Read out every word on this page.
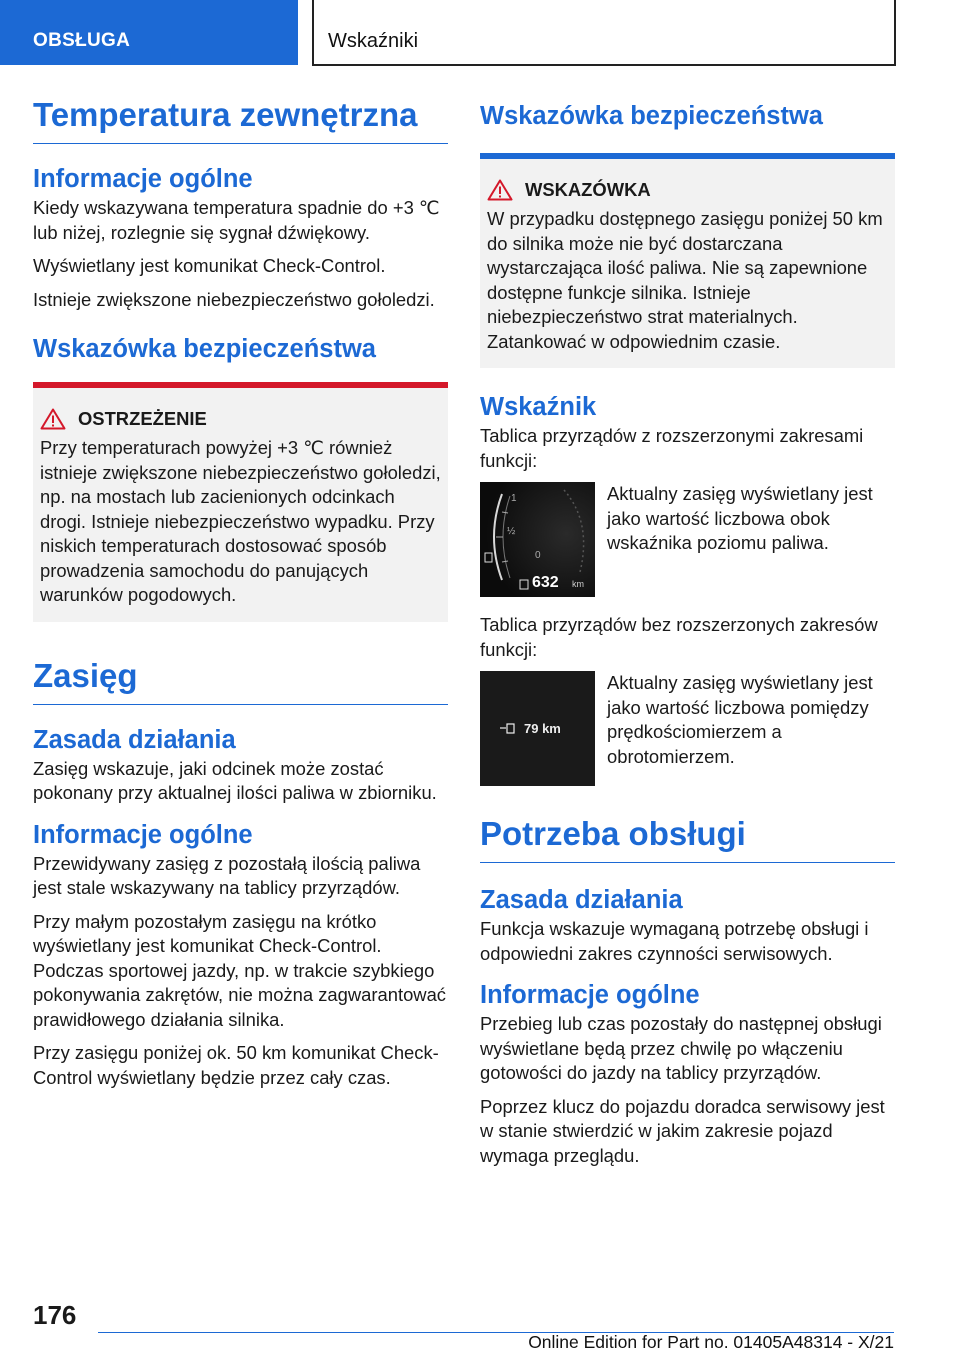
OBSŁUGA	Wskaźniki
Temperatura zewnętrzna
Informacje ogólne

Kiedy wskazywana temperatura spadnie do +3 ℃ lub niżej, rozlegnie się sygnał dźwiękowy.

Wyświetlany jest komunikat Check-Control.

Istnieje zwiększone niebezpieczeństwo gołoledzi.

Wskazówka bezpieczeństwa
OSTRZEŻENIE

Przy temperaturach powyżej +3 ℃ również istnieje zwiększone niebezpieczeństwo gołoledzi, np. na mostach lub zacienionych odcinkach drogi. Istnieje niebezpieczeństwo wypadku. Przy niskich temperaturach dostosować sposób prowadzenia samochodu do panujących warunków pogodowych.

Zasięg
Zasada działania

Zasięg wskazuje, jaki odcinek może zostać pokonany przy aktualnej ilości paliwa w zbiorniku.

Informacje ogólne

Przewidywany zasięg z pozostałą ilością paliwa jest stale wskazywany na tablicy przyrządów.

Przy małym pozostałym zasięgu na krótko wyświetlany jest komunikat Check-Control. Podczas sportowej jazdy, np. w trakcie szybkiego pokonywania zakrętów, nie można zagwarantować prawidłowego działania silnika.

Przy zasięgu poniżej ok. 50 km komunikat Check-Control wyświetlany będzie przez cały czas.

Wskazówka bezpieczeństwa
WSKAZÓWKA

W przypadku dostępnego zasięgu poniżej 50 km do silnika może nie być dostarczana wystarczająca ilość paliwa. Nie są zapewnione dostępne funkcje silnika. Istnieje niebezpieczeństwo strat materialnych. Zatankować w odpowiednim czasie.

Wskaźnik

Tablica przyrządów z rozszerzonymi zakresami funkcji:

1
½
0
632 km

Aktualny zasięg wyświetlany jest jako wartość liczbowa obok wskaźnika poziomu paliwa.

Tablica przyrządów bez rozszerzonych zakresów funkcji:

79 km

Aktualny zasięg wyświetlany jest jako wartość liczbowa pomiędzy prędkościomierzem a obrotomierzem.

Potrzeba obsługi
Zasada działania

Funkcja wskazuje wymaganą potrzebę obsługi i odpowiedni zakres czynności serwisowych.

Informacje ogólne

Przebieg lub czas pozostały do następnej obsługi wyświetlane będą przez chwilę po włączeniu gotowości do jazdy na tablicy przyrządów.

Poprzez klucz do pojazdu doradca serwisowy jest w stanie stwierdzić w jakim zakresie pojazd wymaga przeglądu.

176
Online Edition for Part no. 01405A48314 - X/21
